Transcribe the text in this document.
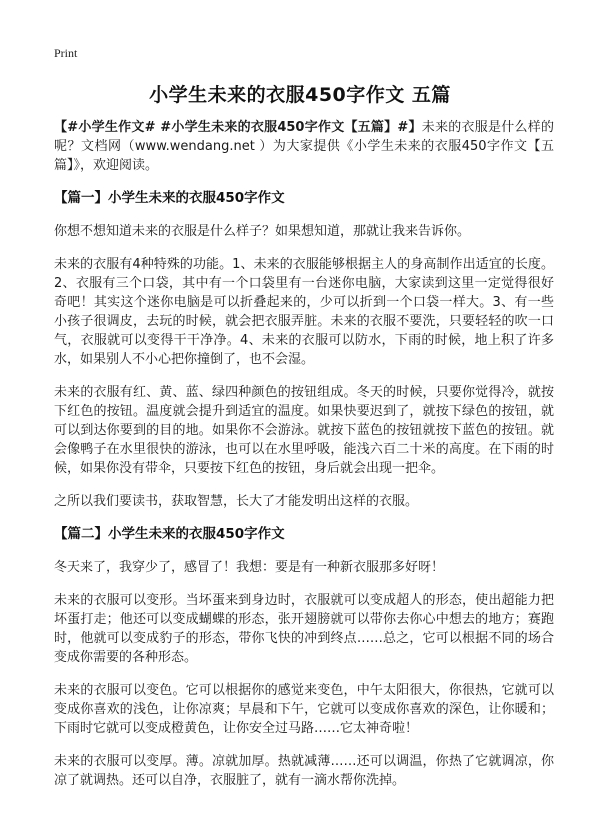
Print
小学生未来的衣服450字作文 五篇

【#小学生作文# #小学生未来的衣服450字作文【五篇】#】未来的衣服是什么样的呢？文档网（www.wendang.net ）为大家提供《小学生未来的衣服450字作文【五篇】》，欢迎阅读。

【篇一】小学生未来的衣服450字作文

你想不想知道未来的衣服是什么样子？如果想知道，那就让我来告诉你。

未来的衣服有4种特殊的功能。1、未来的衣服能够根据主人的身高制作出适宜的长度。2、衣服有三个口袋，其中有一个口袋里有一台迷你电脑，大家读到这里一定觉得很好奇吧！其实这个迷你电脑是可以折叠起来的，少可以折到一个口袋一样大。3、有一些小孩子很调皮，去玩的时候，就会把衣服弄脏。未来的衣服不要洗，只要轻轻的吹一口气，衣服就可以变得干干净净。4、未来的衣服可以防水，下雨的时候，地上积了许多水，如果别人不小心把你撞倒了，也不会湿。

未来的衣服有红、黄、蓝、绿四种颜色的按钮组成。冬天的时候，只要你觉得冷，就按下红色的按钮。温度就会提升到适宜的温度。如果快要迟到了，就按下绿色的按钮，就可以到达你要到的目的地。如果你不会游泳。就按下蓝色的按钮就按下蓝色的按钮。就会像鸭子在水里很快的游泳，也可以在水里呼吸，能浅六百二十米的高度。在下雨的时候，如果你没有带伞，只要按下红色的按钮，身后就会出现一把伞。

之所以我们要读书，获取智慧，长大了才能发明出这样的衣服。

【篇二】小学生未来的衣服450字作文

冬天来了，我穿少了，感冒了！我想：要是有一种新衣服那多好呀！

未来的衣服可以变形。当坏蛋来到身边时，衣服就可以变成超人的形态，使出超能力把坏蛋打走；他还可以变成蝴蝶的形态，张开翅膀就可以带你去你心中想去的地方；赛跑时，他就可以变成豹子的形态，带你飞快的冲到终点……总之，它可以根据不同的场合变成你需要的各种形态。

未来的衣服可以变色。它可以根据你的感觉来变色，中午太阳很大，你很热，它就可以变成你喜欢的浅色，让你凉爽；早晨和下午，它就可以变成你喜欢的深色，让你暖和；下雨时它就可以变成橙黄色，让你安全过马路……它太神奇啦！

未来的衣服可以变厚。薄。凉就加厚。热就减薄……还可以调温，你热了它就调凉，你凉了就调热。还可以自净，衣服脏了，就有一滴水帮你洗掉。
